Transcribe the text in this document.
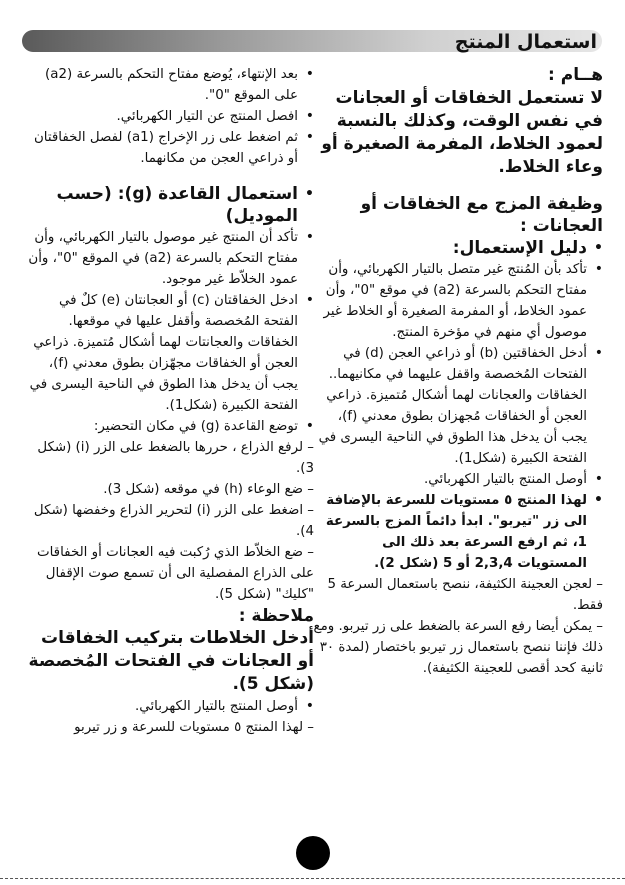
استعمال المنتج

هــام :

لا تستعمل الخفاقات أو العجانات في نفس الوقت، وكذلك بالنسبة لعمود الخلاط، المفرمة الصغيرة أو وعاء الخلاط.

وظيفة المزج مع الخفاقات أو العجانات :

• دليل الإستعمال:

• تأكد بأن المُنتج غير متصل بالتيار الكهربائي، وأن مفتاح التحكم بالسرعة (a2) في موقع "0"، وأن عمود الخلاط، أو المفرمة الصغيرة أو الخلاط غير موصول أي منهم في مؤخرة المنتج.

• أدخل الخفاقتين (b) أو ذراعي العجن (d) في الفتحات المُخصصة واقفل عليهما في مكانيهما.. الخفاقات والعجانات لهما أشكال مُتميزة. ذراعي العجن أو الخفاقات مُجهزان بطوق معدني (f)، يجب أن يدخل هذا الطوق في الناحية اليسرى في الفتحة الكبيرة (شكل1).

• أوصل المنتج بالتيار الكهربائي.

• لهذا المنتج ٥ مستويات للسرعة بالإضافة الى زر "تيربو". ابدأ دائماً المزج بالسرعة 1، ثم ارفع السرعة بعد ذلك الى المستويات 2,3,4 أو 5 (شكل 2).

– لعجن العجينة الكثيفة، ننصح باستعمال السرعة 5 فقط.

– يمكن أيضا رفع السرعة بالضغط على زر تيربو. ومع ذلك فإننا ننصح باستعمال زر تيربو باختصار (لمدة ٣٠ ثانية كحد أقصى للعجينة الكثيفة).

• بعد الإنتهاء، يُوضع مفتاح التحكم بالسرعة (a2) على الموقع "0".

• افصل المنتج عن التيار الكهربائي.

• ثم اضغط على زر الإخراج (a1) لفصل الخفاقتان أو ذراعي العجن من مكانهما.

• استعمال القاعدة (g): (حسب الموديل)

• تأكد أن المنتج غير موصول بالتيار الكهربائي، وأن مفتاح التحكم بالسرعة (a2) في الموقع "0"، وأن عمود الخلاّط غير موجود.

• ادخل الخفاقتان (c) أو العجانتان (e) كلٌ في الفتحة المُخصصة وأقفل عليها في موقعها. الخفاقات والعجانتات لهما أشكال مُتميزة. ذراعي العجن أو الخفاقات مجهّزان بطوق معدني (f)، يجب أن يدخل هذا الطوق في الناحية اليسرى في الفتحة الكبيرة (شكل1).

• توضع القاعدة (g) في مكان التحضير:

– لرفع الذراع ، حررها بالضغط على الزر (i) (شكل 3).

– ضع الوعاء (h) في موقعه (شكل 3).

– اضغط على الزر (i) لتحرير الذراع وخفضها (شكل 4).

– ضع الخلاّط الذي رُكبت فيه العجانات أو الخفاقات على الذراع المفصلية الى أن تسمع صوت الإقفال "كليك" (شكل 5).

ملاحظة :

أدخل الخلاطات بتركيب الخفاقات أو العجانات في الفتحات المُخصصة (شكل 5).

• أوصل المنتج بالتيار الكهربائي.

– لهذا المنتج ٥ مستويات للسرعة و زر تيربو
